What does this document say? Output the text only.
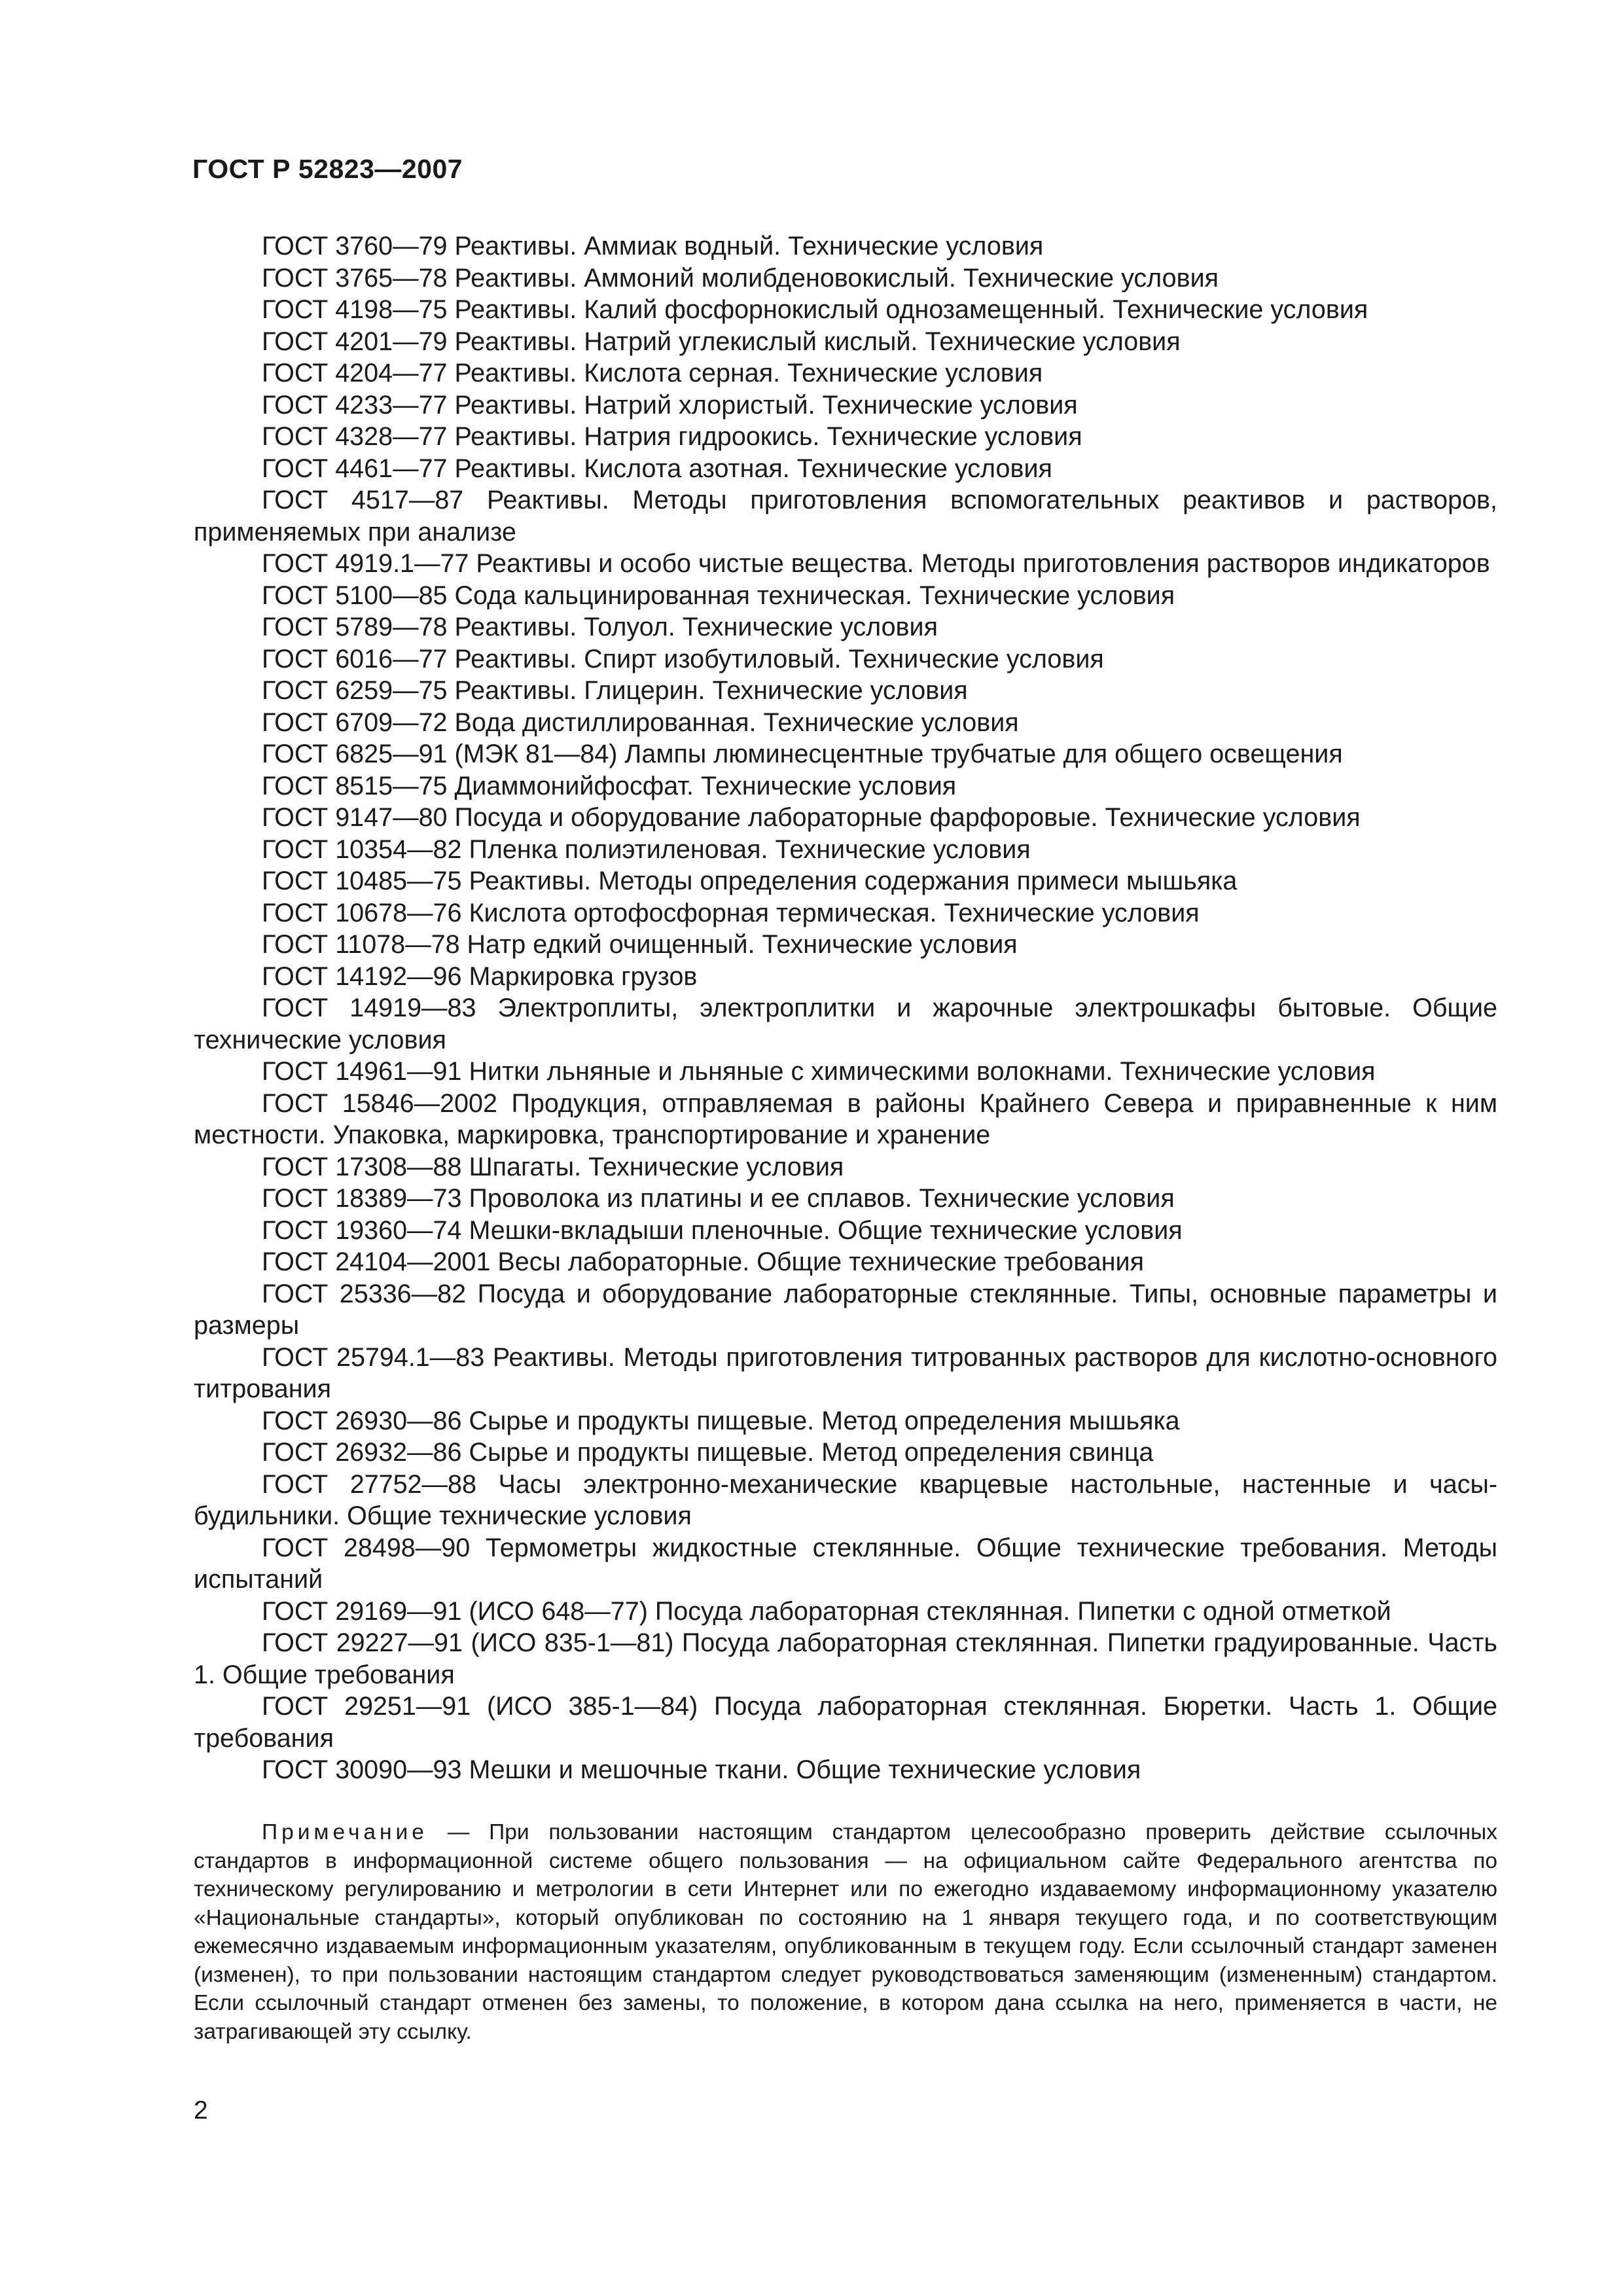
ГОСТ Р 52823—2007

ГОСТ 3760—79 Реактивы. Аммиак водный. Технические условия

ГОСТ 3765—78 Реактивы. Аммоний молибденовокислый. Технические условия

ГОСТ 4198—75 Реактивы. Калий фосфорнокислый однозамещенный. Технические условия

ГОСТ 4201—79 Реактивы. Натрий углекислый кислый. Технические условия

ГОСТ 4204—77 Реактивы. Кислота серная. Технические условия

ГОСТ 4233—77 Реактивы. Натрий хлористый. Технические условия

ГОСТ 4328—77 Реактивы. Натрия гидроокись. Технические условия

ГОСТ 4461—77 Реактивы. Кислота азотная. Технические условия

ГОСТ 4517—87 Реактивы. Методы приготовления вспомогательных реактивов и растворов, применяемых при анализе

ГОСТ 4919.1—77 Реактивы и особо чистые вещества. Методы приготовления растворов индикаторов

ГОСТ 5100—85 Сода кальцинированная техническая. Технические условия

ГОСТ 5789—78 Реактивы. Толуол. Технические условия

ГОСТ 6016—77 Реактивы. Спирт изобутиловый. Технические условия

ГОСТ 6259—75 Реактивы. Глицерин. Технические условия

ГОСТ 6709—72 Вода дистиллированная. Технические условия

ГОСТ 6825—91 (МЭК 81—84) Лампы люминесцентные трубчатые для общего освещения

ГОСТ 8515—75 Диаммонийфосфат. Технические условия

ГОСТ 9147—80 Посуда и оборудование лабораторные фарфоровые. Технические условия

ГОСТ 10354—82 Пленка полиэтиленовая. Технические условия

ГОСТ 10485—75 Реактивы. Методы определения содержания примеси мышьяка

ГОСТ 10678—76 Кислота ортофосфорная термическая. Технические условия

ГОСТ 11078—78 Натр едкий очищенный. Технические условия

ГОСТ 14192—96 Маркировка грузов

ГОСТ 14919—83 Электроплиты, электроплитки и жарочные электрошкафы бытовые. Общие технические условия

ГОСТ 14961—91 Нитки льняные и льняные с химическими волокнами. Технические условия

ГОСТ 15846—2002 Продукция, отправляемая в районы Крайнего Севера и приравненные к ним местности. Упаковка, маркировка, транспортирование и хранение

ГОСТ 17308—88 Шпагаты. Технические условия

ГОСТ 18389—73 Проволока из платины и ее сплавов. Технические условия

ГОСТ 19360—74 Мешки-вкладыши пленочные. Общие технические условия

ГОСТ 24104—2001 Весы лабораторные. Общие технические требования

ГОСТ 25336—82 Посуда и оборудование лабораторные стеклянные. Типы, основные параметры и размеры

ГОСТ 25794.1—83 Реактивы. Методы приготовления титрованных растворов для кислотно-основного титрования

ГОСТ 26930—86 Сырье и продукты пищевые. Метод определения мышьяка

ГОСТ 26932—86 Сырье и продукты пищевые. Метод определения свинца

ГОСТ 27752—88 Часы электронно-механические кварцевые настольные, настенные и часы-будильники. Общие технические условия

ГОСТ 28498—90 Термометры жидкостные стеклянные. Общие технические требования. Методы испытаний

ГОСТ 29169—91 (ИСО 648—77) Посуда лабораторная стеклянная. Пипетки с одной отметкой

ГОСТ 29227—91 (ИСО 835-1—81) Посуда лабораторная стеклянная. Пипетки градуированные. Часть 1. Общие требования

ГОСТ 29251—91 (ИСО 385-1—84) Посуда лабораторная стеклянная. Бюретки. Часть 1. Общие требования

ГОСТ 30090—93 Мешки и мешочные ткани. Общие технические условия

Примечание — При пользовании настоящим стандартом целесообразно проверить действие ссылочных стандартов в информационной системе общего пользования — на официальном сайте Федерального агентства по техническому регулированию и метрологии в сети Интернет или по ежегодно издаваемому информационному указателю «Национальные стандарты», который опубликован по состоянию на 1 января текущего года, и по соответствующим ежемесячно издаваемым информационным указателям, опубликованным в текущем году. Если ссылочный стандарт заменен (изменен), то при пользовании настоящим стандартом следует руководствоваться заменяющим (измененным) стандартом. Если ссылочный стандарт отменен без замены, то положение, в котором дана ссылка на него, применяется в части, не затрагивающей эту ссылку.

2
